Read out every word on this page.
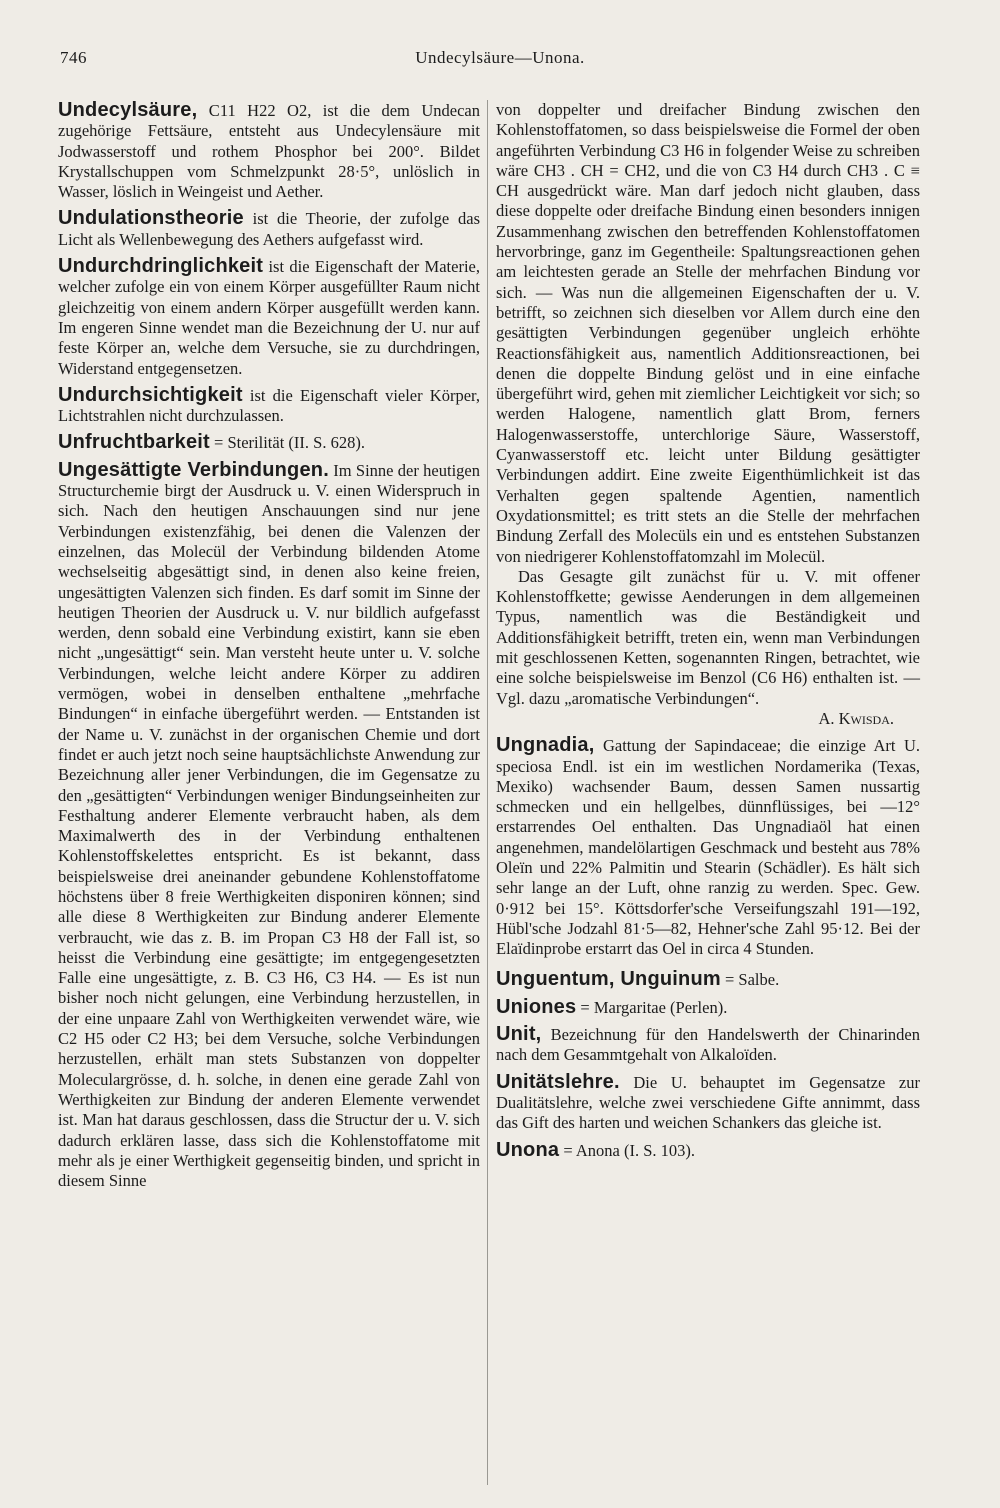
746	Undecylsäure—Unona.

Undecylsäure, C11 H22 O2, ist die dem Undecan zugehörige Fettsäure, entsteht aus Undecylensäure mit Jodwasserstoff und rothem Phosphor bei 200°. Bildet Krystallschuppen vom Schmelzpunkt 28·5°, unlöslich in Wasser, löslich in Weingeist und Aether.

Undulationstheorie ist die Theorie, der zufolge das Licht als Wellenbewegung des Aethers aufgefasst wird.

Undurchdringlichkeit ist die Eigenschaft der Materie, welcher zufolge ein von einem Körper ausgefüllter Raum nicht gleichzeitig von einem andern Körper ausgefüllt werden kann. Im engeren Sinne wendet man die Bezeichnung der U. nur auf feste Körper an, welche dem Versuche, sie zu durchdringen, Widerstand entgegensetzen.

Undurchsichtigkeit ist die Eigenschaft vieler Körper, Lichtstrahlen nicht durchzulassen.

Unfruchtbarkeit = Sterilität (II. S. 628).

Ungesättigte Verbindungen. Im Sinne der heutigen Structurchemie birgt der Ausdruck u. V. einen Widerspruch in sich. Nach den heutigen Anschauungen sind nur jene Verbindungen existenzfähig, bei denen die Valenzen der einzelnen, das Molecül der Verbindung bildenden Atome wechselseitig abgesättigt sind, in denen also keine freien, ungesättigten Valenzen sich finden. Es darf somit im Sinne der heutigen Theorien der Ausdruck u. V. nur bildlich aufgefasst werden, denn sobald eine Verbindung existirt, kann sie eben nicht „ungesättigt“ sein. Man versteht heute unter u. V. solche Verbindungen, welche leicht andere Körper zu addiren vermögen, wobei in denselben enthaltene „mehrfache Bindungen“ in einfache übergeführt werden. — Entstanden ist der Name u. V. zunächst in der organischen Chemie und dort findet er auch jetzt noch seine hauptsächlichste Anwendung zur Bezeichnung aller jener Verbindungen, die im Gegensatze zu den „gesättigten“ Verbindungen weniger Bindungseinheiten zur Festhaltung anderer Elemente verbraucht haben, als dem Maximalwerth des in der Verbindung enthaltenen Kohlenstoffskelettes entspricht. Es ist bekannt, dass beispielsweise drei aneinander gebundene Kohlenstoffatome höchstens über 8 freie Werthigkeiten disponiren können; sind alle diese 8 Werthigkeiten zur Bindung anderer Elemente verbraucht, wie das z. B. im Propan C3 H8 der Fall ist, so heisst die Verbindung eine gesättigte; im entgegengesetzten Falle eine ungesättigte, z. B. C3 H6, C3 H4. — Es ist nun bisher noch nicht gelungen, eine Verbindung herzustellen, in der eine unpaare Zahl von Werthigkeiten verwendet wäre, wie C2 H5 oder C2 H3; bei dem Versuche, solche Verbindungen herzustellen, erhält man stets Substanzen von doppelter Moleculargrösse, d. h. solche, in denen eine gerade Zahl von Werthigkeiten zur Bindung der anderen Elemente verwendet ist. Man hat daraus geschlossen, dass die Structur der u. V. sich dadurch erklären lasse, dass sich die Kohlenstoffatome mit mehr als je einer Werthigkeit gegenseitig binden, und spricht in diesem Sinne

von doppelter und dreifacher Bindung zwischen den Kohlenstoffatomen, so dass beispielsweise die Formel der oben angeführten Verbindung C3 H6 in folgender Weise zu schreiben wäre CH3 . CH = CH2, und die von C3 H4 durch CH3 . C ≡ CH ausgedrückt wäre. Man darf jedoch nicht glauben, dass diese doppelte oder dreifache Bindung einen besonders innigen Zusammenhang zwischen den betreffenden Kohlenstoffatomen hervorbringe, ganz im Gegentheile: Spaltungsreactionen gehen am leichtesten gerade an Stelle der mehrfachen Bindung vor sich. — Was nun die allgemeinen Eigenschaften der u. V. betrifft, so zeichnen sich dieselben vor Allem durch eine den gesättigten Verbindungen gegenüber ungleich erhöhte Reactionsfähigkeit aus, namentlich Additionsreactionen, bei denen die doppelte Bindung gelöst und in eine einfache übergeführt wird, gehen mit ziemlicher Leichtigkeit vor sich; so werden Halogene, namentlich glatt Brom, ferners Halogenwasserstoffe, unterchlorige Säure, Wasserstoff, Cyanwasserstoff etc. leicht unter Bildung gesättigter Verbindungen addirt. Eine zweite Eigenthümlichkeit ist das Verhalten gegen spaltende Agentien, namentlich Oxydationsmittel; es tritt stets an die Stelle der mehrfachen Bindung Zerfall des Molecüls ein und es entstehen Substanzen von niedrigerer Kohlenstoffatomzahl im Molecül.

Das Gesagte gilt zunächst für u. V. mit offener Kohlenstoffkette; gewisse Aenderungen in dem allgemeinen Typus, namentlich was die Beständigkeit und Additionsfähigkeit betrifft, treten ein, wenn man Verbindungen mit geschlossenen Ketten, sogenannten Ringen, betrachtet, wie eine solche beispielsweise im Benzol (C6 H6) enthalten ist. — Vgl. dazu „aromatische Verbindungen“.

A. Kwisda.

Ungnadia, Gattung der Sapindaceae; die einzige Art U. speciosa Endl. ist ein im westlichen Nordamerika (Texas, Mexiko) wachsender Baum, dessen Samen nussartig schmecken und ein hellgelbes, dünnflüssiges, bei —12° erstarrendes Oel enthalten. Das Ungnadiaöl hat einen angenehmen, mandelölartigen Geschmack und besteht aus 78% Oleïn und 22% Palmitin und Stearin (Schädler). Es hält sich sehr lange an der Luft, ohne ranzig zu werden. Spec. Gew. 0·912 bei 15°. Köttsdorfer'sche Verseifungszahl 191—192, Hübl'sche Jodzahl 81·5—82, Hehner'sche Zahl 95·12. Bei der Elaïdinprobe erstarrt das Oel in circa 4 Stunden.

Unguentum, Unguinum = Salbe.

Uniones = Margaritae (Perlen).

Unit, Bezeichnung für den Handelswerth der Chinarinden nach dem Gesammtgehalt von Alkaloïden.

Unitätslehre. Die U. behauptet im Gegensatze zur Dualitätslehre, welche zwei verschiedene Gifte annimmt, dass das Gift des harten und weichen Schankers das gleiche ist.

Unona = Anona (I. S. 103).
